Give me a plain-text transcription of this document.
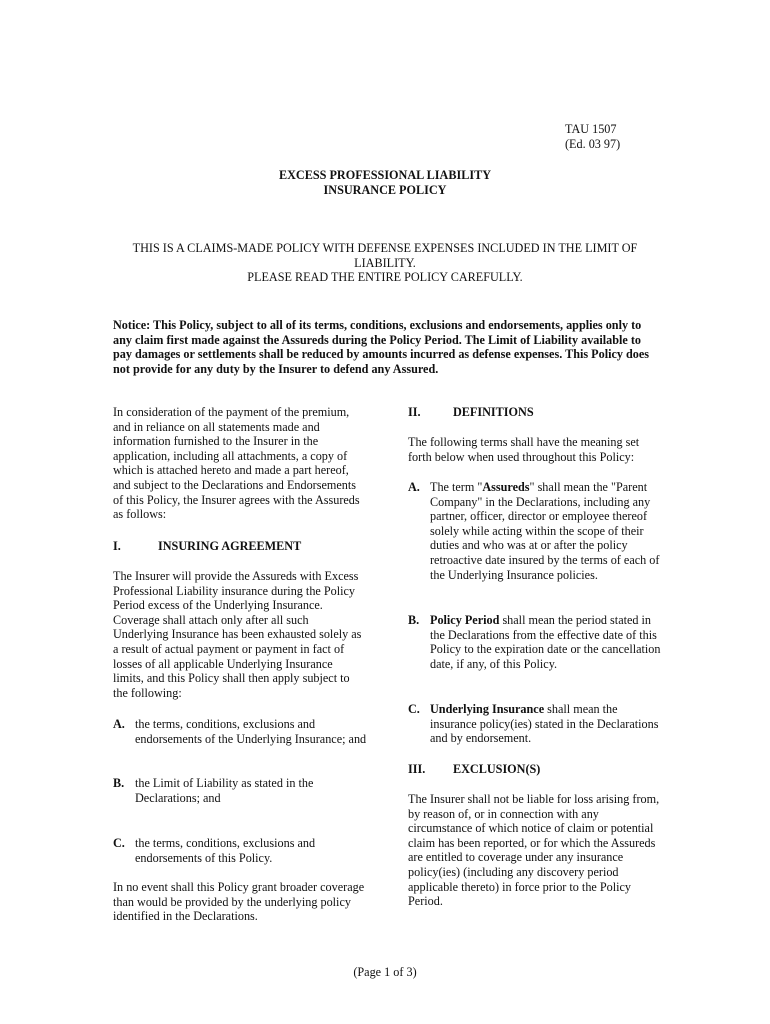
TAU 1507
(Ed. 03 97)
EXCESS PROFESSIONAL LIABILITY
INSURANCE POLICY
THIS IS A CLAIMS-MADE POLICY WITH DEFENSE EXPENSES INCLUDED IN THE LIMIT OF
LIABILITY.
PLEASE READ THE ENTIRE POLICY CAREFULLY.
Notice: This Policy, subject to all of its terms, conditions, exclusions and endorsements, applies only to any claim first made against the Assureds during the Policy Period. The Limit of Liability available to pay damages or settlements shall be reduced by amounts incurred as defense expenses. This Policy does not provide for any duty by the Insurer to defend any Assured.
In consideration of the payment of the premium, and in reliance on all statements made and information furnished to the Insurer in the application, including all attachments, a copy of which is attached hereto and made a part hereof, and subject to the Declarations and Endorsements of this Policy, the Insurer agrees with the Assureds as follows:
I.	INSURING AGREEMENT
The Insurer will provide the Assureds with Excess Professional Liability insurance during the Policy Period excess of the Underlying Insurance. Coverage shall attach only after all such Underlying Insurance has been exhausted solely as a result of actual payment or payment in fact of losses of all applicable Underlying Insurance limits, and this Policy shall then apply subject to the following:
A. the terms, conditions, exclusions and endorsements of the Underlying Insurance; and
B. the Limit of Liability as stated in the Declarations; and
C. the terms, conditions, exclusions and endorsements of this Policy.
In no event shall this Policy grant broader coverage than would be provided by the underlying policy identified in the Declarations.
II.	DEFINITIONS
The following terms shall have the meaning set forth below when used throughout this Policy:
A. The term "Assureds" shall mean the "Parent Company" in the Declarations, including any partner, officer, director or employee thereof solely while acting within the scope of their duties and who was at or after the policy retroactive date insured by the terms of each of the Underlying Insurance policies.
B. Policy Period shall mean the period stated in the Declarations from the effective date of this Policy to the expiration date or the cancellation date, if any, of this Policy.
C. Underlying Insurance shall mean the insurance policy(ies) stated in the Declarations and by endorsement.
III. EXCLUSION(S)
The Insurer shall not be liable for loss arising from, by reason of, or in connection with any circumstance of which notice of claim or potential claim has been reported, or for which the Assureds are entitled to coverage under any insurance policy(ies) (including any discovery period applicable thereto) in force prior to the Policy Period.
(Page 1 of 3)
